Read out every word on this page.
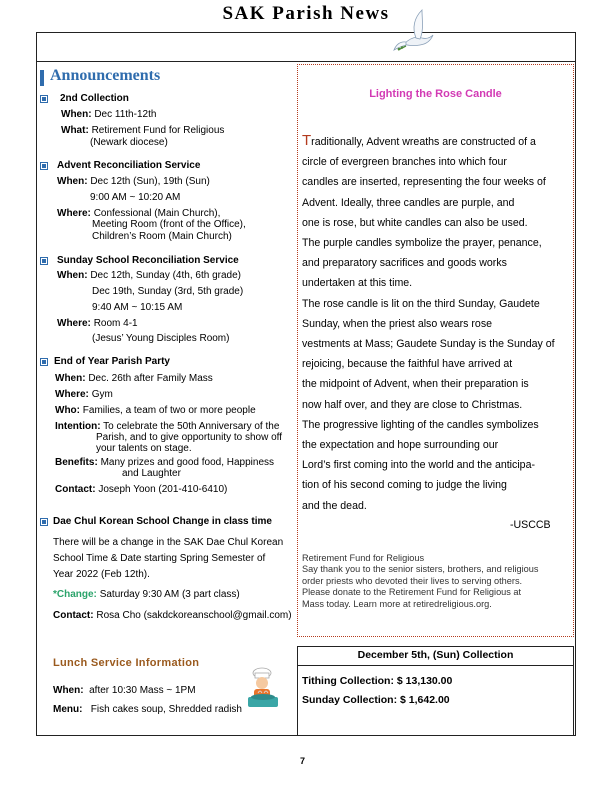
SAK Parish News
Announcements
2nd Collection
When: Dec 11th-12th
What: Retirement Fund for Religious
(Newark diocese)
Advent Reconciliation Service
When: Dec 12th (Sun), 19th (Sun)
9:00 AM ~ 10:20 AM
Where: Confessional (Main Church),
Meeting Room (front of the Office),
Children’s Room (Main Church)
Sunday School Reconciliation Service
When: Dec 12th, Sunday (4th, 6th grade)
Dec 19th, Sunday (3rd, 5th grade)
9:40 AM ~ 10:15 AM
Where: Room 4-1
(Jesus’ Young Disciples Room)
End of Year Parish Party
When: Dec. 26th after Family Mass
Where: Gym
Who: Families, a team of two or more people
Intention: To celebrate the 50th Anniversary of the
Parish, and to give opportunity to show off
your talents on stage.
Benefits: Many prizes and good food, Happiness
and Laughter
Contact: Joseph Yoon (201-410-6410)
Dae Chul Korean School Change in class time
There will be a change in the SAK Dae Chul Korean
School Time & Date starting Spring Semester of
Year 2022 (Feb 12th).
*Change: Saturday 9:30 AM (3 part class)
Contact: Rosa Cho (sakdckoreanschool@gmail.com)
Lunch Service Information
When: after 10:30 Mass ~ 1PM
Menu: Fish cakes soup, Shredded radish
Lighting the Rose Candle

Traditionally, Advent wreaths are constructed of a

circle of evergreen branches into which four

candles are inserted, representing the four weeks of

Advent. Ideally, three candles are purple, and

one is rose, but white candles can also be used.

The purple candles symbolize the prayer, penance,

and preparatory sacrifices and goods works

undertaken at this time.

The rose candle is lit on the third Sunday, Gaudete

Sunday, when the priest also wears rose

vestments at Mass; Gaudete Sunday is the Sunday of

rejoicing, because the faithful have arrived at

the midpoint of Advent, when their preparation is

now half over, and they are close to Christmas.

The progressive lighting of the candles symbolizes

the expectation and hope surrounding our

Lord’s first coming into the world and the anticipa-

tion of his second coming to judge the living

and the dead.

-USCCB
Retirement Fund for Religious
Say thank you to the senior sisters, brothers, and religious
order priests who devoted their lives to serving others.
Please donate to the Retirement Fund for Religious at
Mass today. Learn more at retiredreligious.org.
December 5th, (Sun) Collection
Tithing Collection: $ 13,130.00
Sunday Collection: $ 1,642.00
7
